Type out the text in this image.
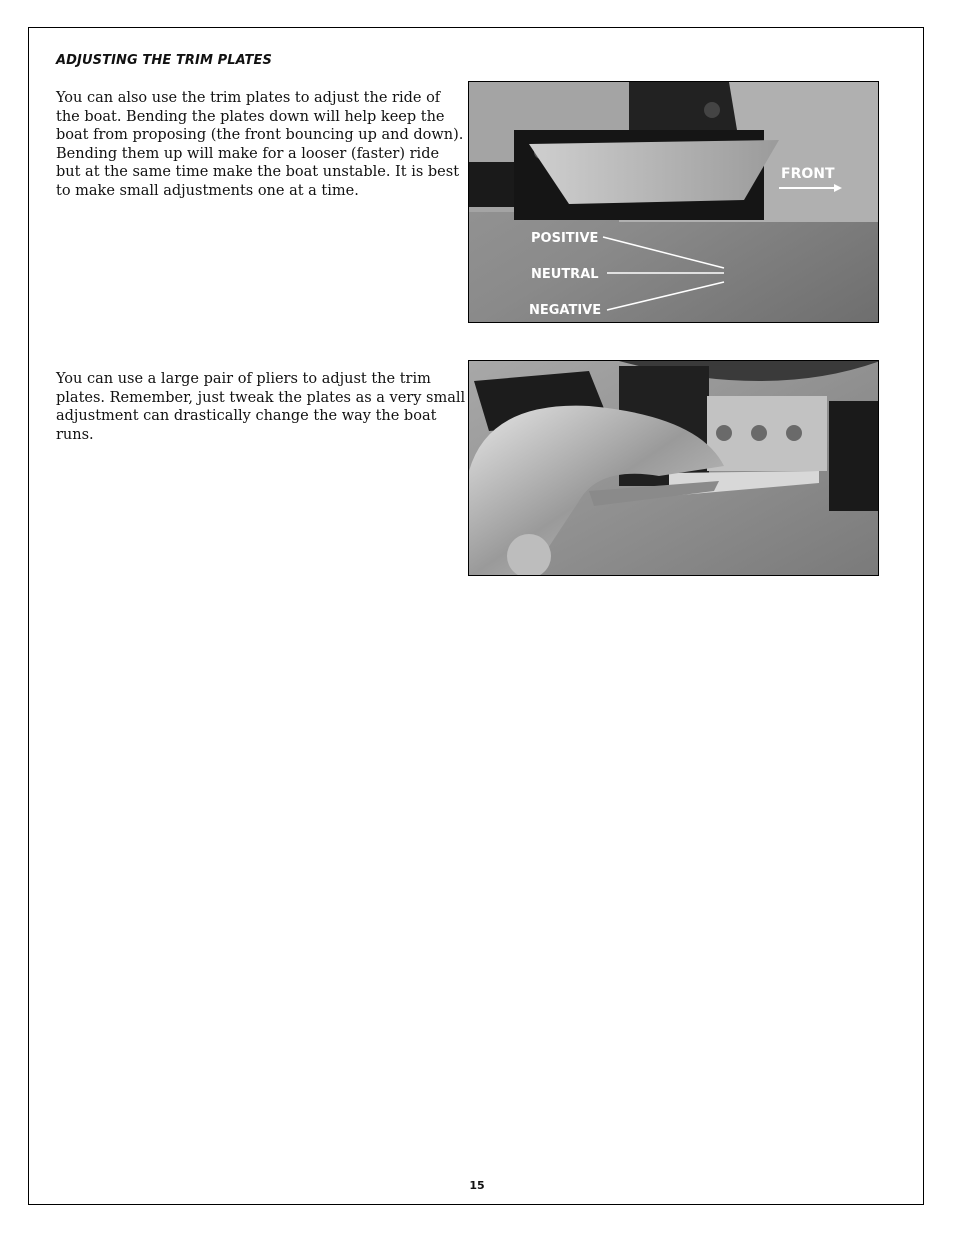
ADJUSTING THE TRIM PLATES

You can also use the trim plates to adjust the ride of the boat. Bending the plates down will help keep the boat from proposing (the front bouncing up and down). Bending them up will make for a looser (faster) ride but at the same time make the boat unstable. It is best to make small adjustments one at a time.

FRONT
POSITIVE
NEUTRAL
NEGATIVE

You can use a large pair of pliers to adjust the trim plates. Remember, just tweak the plates as a very small adjustment can drastically change the way the boat runs.

15
